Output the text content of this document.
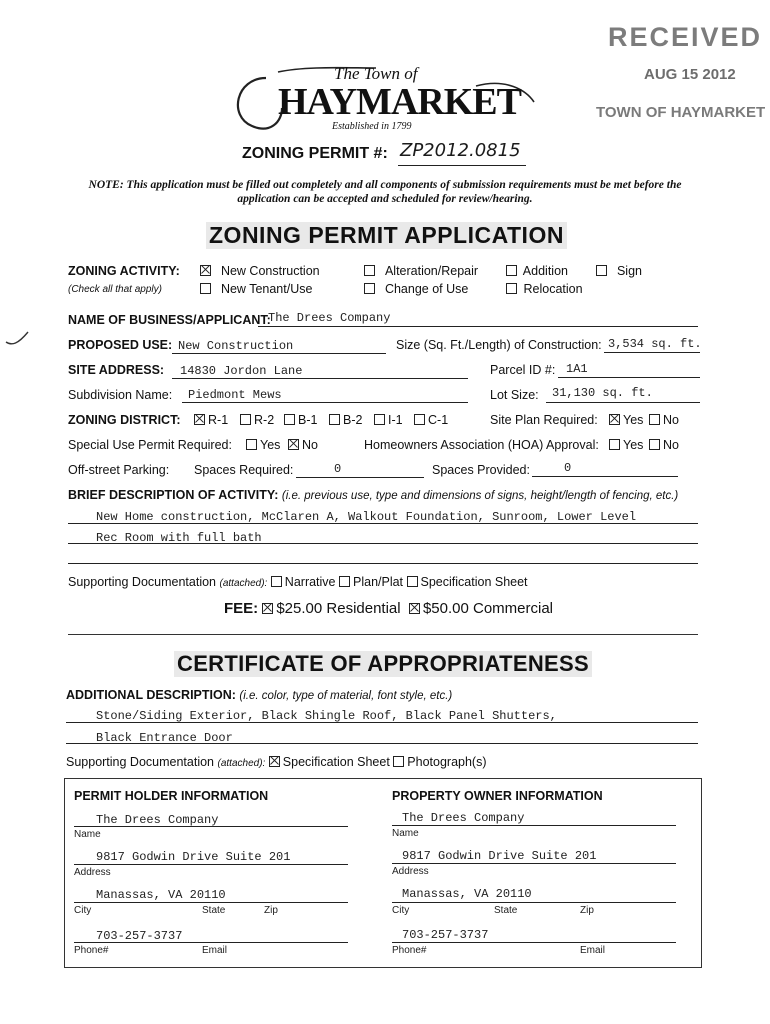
RECEIVED
AUG 15 2012
TOWN OF HAYMARKET
The Town of
HAYMARKET
Established in 1799
ZONING PERMIT #: ZP2012.0815
NOTE: This application must be filled out completely and all components of submission requirements must be met before the application can be accepted and scheduled for review/hearing.
ZONING PERMIT APPLICATION
ZONING ACTIVITY:
(Check all that apply)
New Construction	Alteration/Repair	Addition	Sign
New Tenant/Use	Change of Use	Relocation
NAME OF BUSINESS/APPLICANT:
The Drees Company
PROPOSED USE: New Construction	Size (Sq. Ft./Length) of Construction: 3,534 sq. ft.
SITE ADDRESS: 14830 Jordon Lane	Parcel ID #: 1A1
Subdivision Name: Piedmont Mews	Lot Size: 31,130 sq. ft.
ZONING DISTRICT:	R-1	R-2	B-1	B-2	I-1	C-1	Site Plan Required:	Yes	No
Special Use Permit Required:	Yes	No	Homeowners Association (HOA) Approval:	Yes	No
Off-street Parking: Spaces Required:	0	Spaces Provided:	0
BRIEF DESCRIPTION OF ACTIVITY: (i.e. previous use, type and dimensions of signs, height/length of fencing, etc.)
New Home construction, McClaren A, Walkout Foundation, Sunroom, Lower Level
Rec Room with full bath
Supporting Documentation (attached): Narrative Plan/Plat Specification Sheet
FEE: $25.00 Residential $50.00 Commercial
CERTIFICATE OF APPROPRIATENESS
ADDITIONAL DESCRIPTION: (i.e. color, type of material, font style, etc.)
Stone/Siding Exterior, Black Shingle Roof, Black Panel Shutters,
Black Entrance Door
Supporting Documentation (attached): Specification Sheet Photograph(s)
PERMIT HOLDER INFORMATION
The Drees Company
Name
9817 Godwin Drive Suite 201
Address
Manassas, VA 20110
City	State	Zip
703-257-3737
Phone#	Email
PROPERTY OWNER INFORMATION
The Drees Company
Name
9817 Godwin Drive Suite 201
Address
Manassas, VA 20110
City	State	Zip
703-257-3737
Phone#	Email
